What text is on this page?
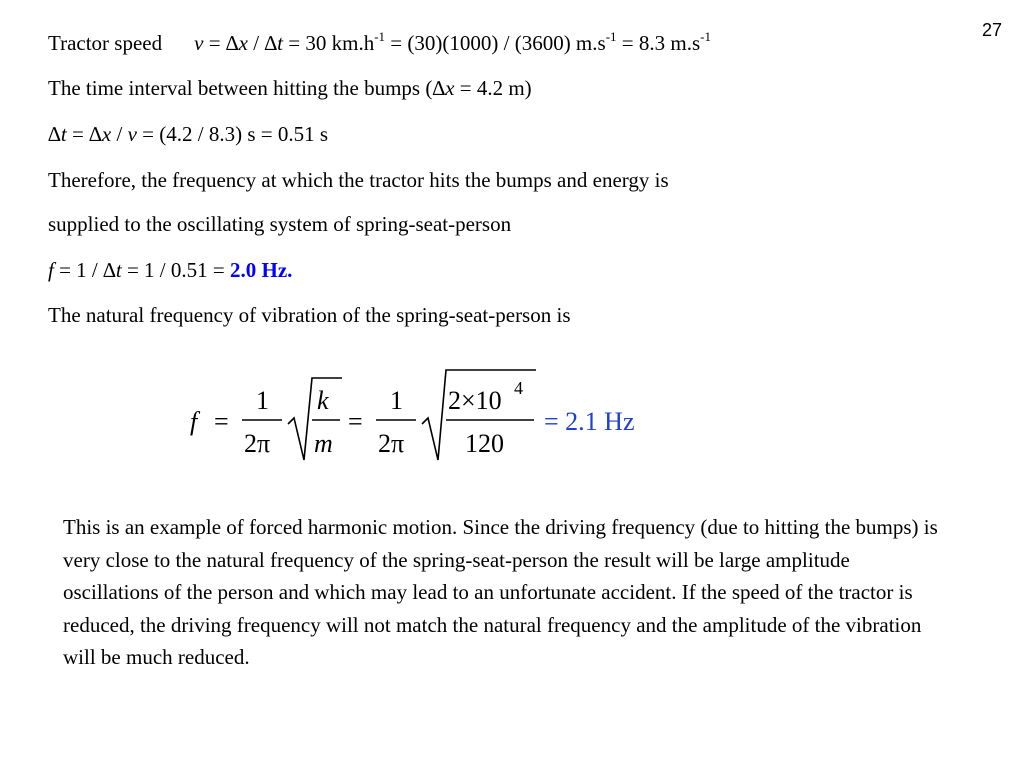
27
Tractor speed v = ∆x / ∆t = 30 $km.h^{-1} = (30)(1000) / (3600) m.s^{-1} = 8.3$ $m.s^{-1}$
The time interval between hitting the bumps (∆x = 4.2 m)
∆t = ∆x / v = (4.2 / 8.3) s = 0.51 s
Therefore, the frequency at which the tractor hits the bumps and energy is
supplied to the oscillating system of spring-seat-person
f = 1 / ∆t = 1 / 0.51 = 2.0 Hz.
The natural frequency of vibration of the spring-seat-person is
f =
1
2π
k
m
=
1
2π
2×10 4
120
= 2.1 Hz
This is an example of forced harmonic motion. Since the driving frequency (due to hitting the bumps) is very close to the natural frequency of the spring-seat-person the result will be large amplitude oscillations of the person and which may lead to an unfortunate accident. If the speed of the tractor is reduced, the driving frequency will not match the natural frequency and the amplitude of the vibration will be much reduced.
